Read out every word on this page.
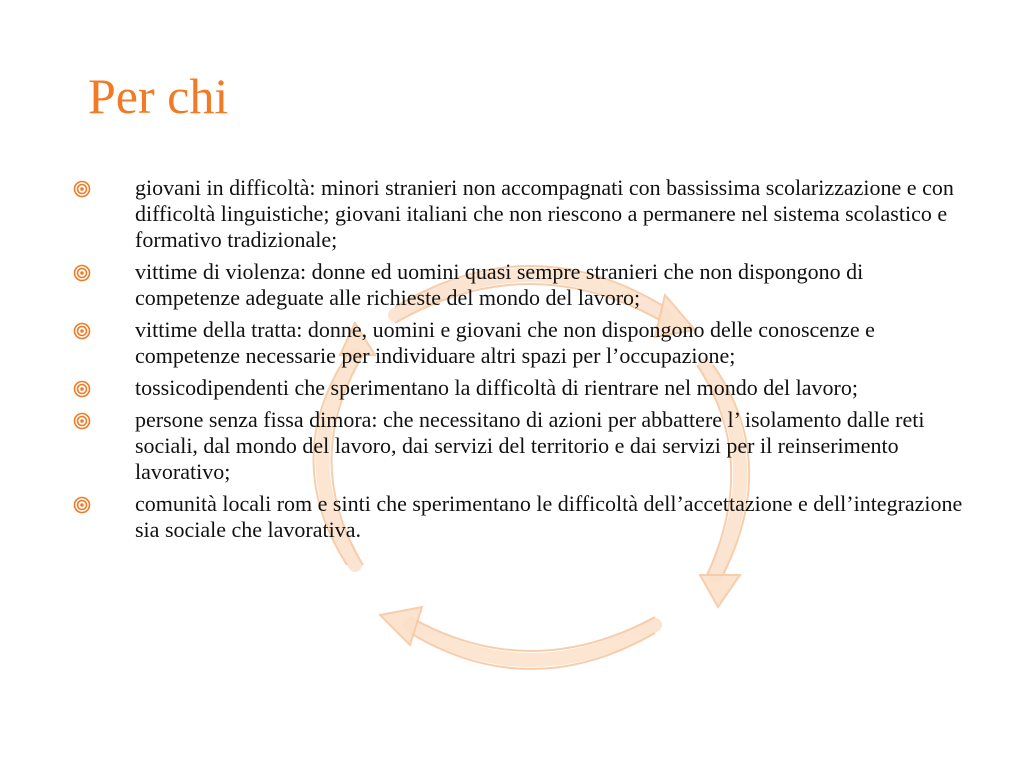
Per chi
giovani in difficoltà: minori stranieri non accompagnati con bassissima scolarizzazione e con difficoltà linguistiche; giovani italiani che non riescono a permanere nel sistema scolastico e formativo tradizionale;
vittime di violenza: donne ed uomini quasi sempre stranieri che non dispongono di competenze adeguate alle richieste del mondo del lavoro;
vittime della tratta: donne, uomini e giovani che non dispongono delle conoscenze e competenze necessarie per individuare altri spazi per l’occupazione;
tossicodipendenti che sperimentano la difficoltà di rientrare nel mondo del lavoro;
persone senza fissa dimora: che necessitano di azioni per abbattere l’ isolamento dalle reti sociali, dal mondo del lavoro, dai servizi del territorio e dai servizi per il reinserimento lavorativo;
comunità locali rom e sinti che sperimentano le difficoltà dell’accettazione e dell’integrazione sia sociale che lavorativa.
